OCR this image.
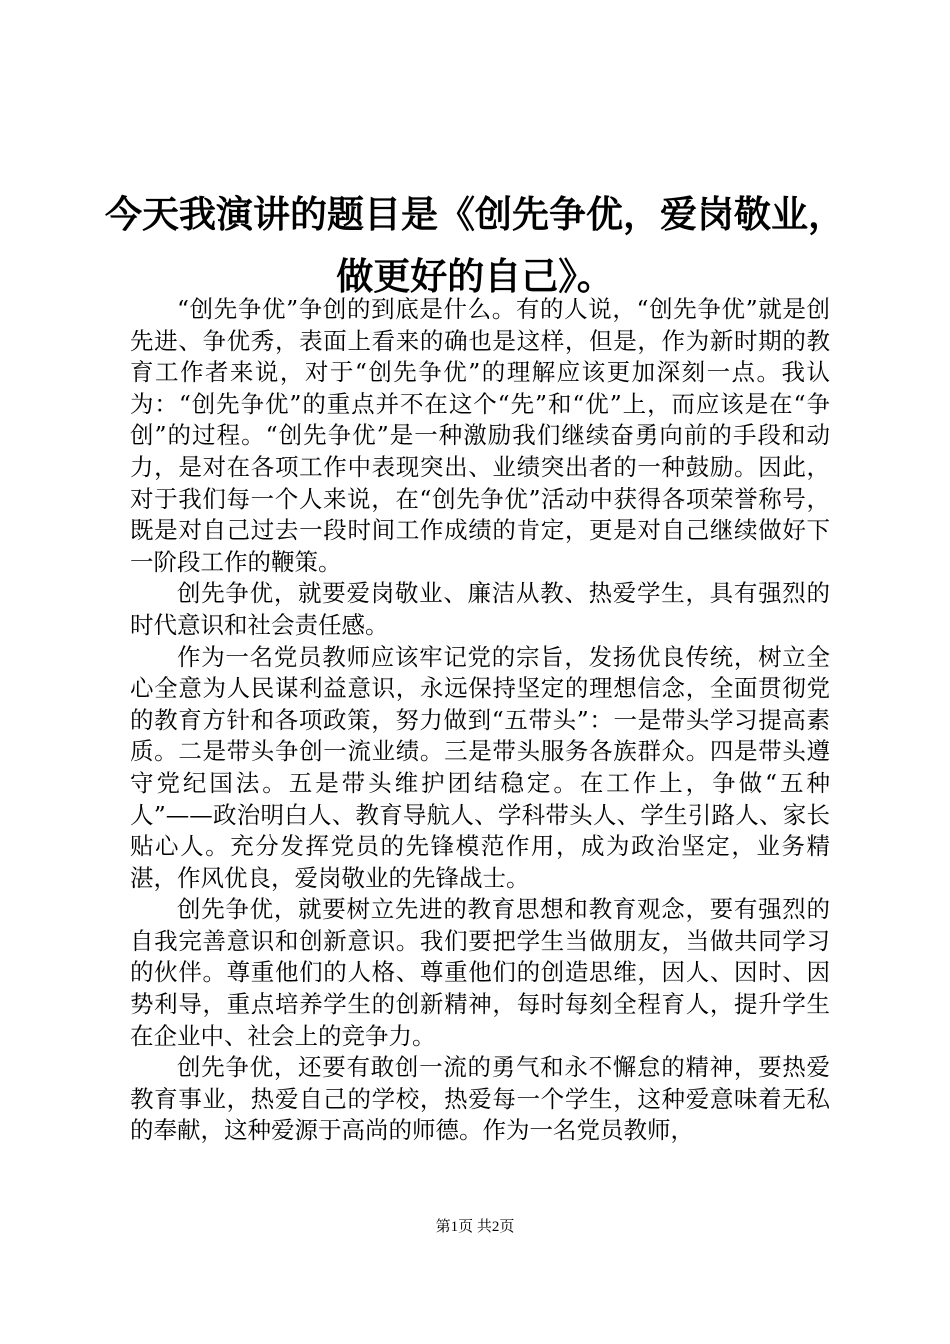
今天我演讲的题目是《创先争优，爱岗敬业，
做更好的自己》。

“创先争优”争创的到底是什么。有的人说，“创先争优”就是创先进、争优秀，表面上看来的确也是这样，但是，作为新时期的教育工作者来说，对于“创先争优”的理解应该更加深刻一点。我认为：“创先争优”的重点并不在这个“先”和“优”上，而应该是在“争创”的过程。“创先争优”是一种激励我们继续奋勇向前的手段和动力，是对在各项工作中表现突出、业绩突出者的一种鼓励。因此，对于我们每一个人来说，在“创先争优”活动中获得各项荣誉称号，既是对自己过去一段时间工作成绩的肯定，更是对自己继续做好下一阶段工作的鞭策。

创先争优，就要爱岗敬业、廉洁从教、热爱学生，具有强烈的时代意识和社会责任感。

作为一名党员教师应该牢记党的宗旨，发扬优良传统，树立全心全意为人民谋利益意识，永远保持坚定的理想信念，全面贯彻党的教育方针和各项政策，努力做到“五带头”：一是带头学习提高素质。二是带头争创一流业绩。三是带头服务各族群众。四是带头遵守党纪国法。五是带头维护团结稳定。在工作上，争做“五种人”——政治明白人、教育导航人、学科带头人、学生引路人、家长贴心人。充分发挥党员的先锋模范作用，成为政治坚定，业务精湛，作风优良，爱岗敬业的先锋战士。

创先争优，就要树立先进的教育思想和教育观念，要有强烈的自我完善意识和创新意识。我们要把学生当做朋友，当做共同学习的伙伴。尊重他们的人格、尊重他们的创造思维，因人、因时、因势利导，重点培养学生的创新精神，每时每刻全程育人，提升学生在企业中、社会上的竞争力。

创先争优，还要有敢创一流的勇气和永不懈怠的精神，要热爱教育事业，热爱自己的学校，热爱每一个学生，这种爱意味着无私的奉献，这种爱源于高尚的师德。作为一名党员教师，

第1页 共2页
